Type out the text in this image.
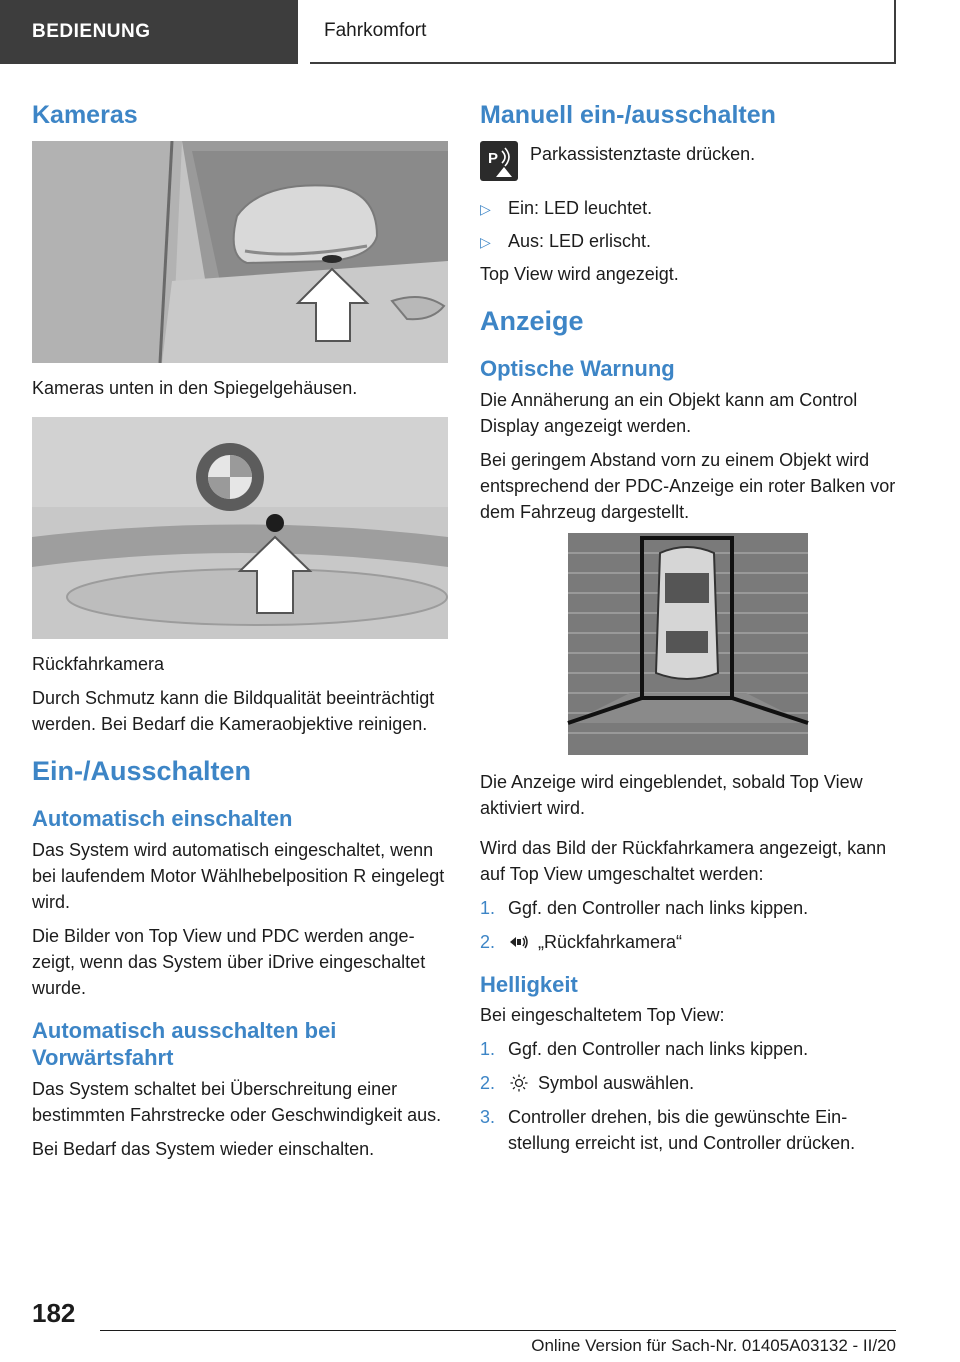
BEDIENUNG	Fahrkomfort
Kameras
Kameras unten in den Spiegelgehäusen.
Rückfahrkamera

Durch Schmutz kann die Bildqualität beeinträchtigt werden. Bei Bedarf die Kameraobjektive reinigen.

Ein-/Ausschalten
Automatisch einschalten

Das System wird automatisch eingeschaltet, wenn bei laufendem Motor Wählhebelposition R eingelegt wird.

Die Bilder von Top View und PDC werden angezeigt, wenn das System über iDrive eingeschaltet wurde.

Automatisch ausschalten bei Vorwärtsfahrt

Das System schaltet bei Überschreitung einer bestimmten Fahrstrecke oder Geschwindigkeit aus.

Bei Bedarf das System wieder einschalten.

Manuell ein-/ausschalten
P Parkassistenztaste drücken.

▷ Ein: LED leuchtet.
▷ Aus: LED erlischt.

Top View wird angezeigt.

Anzeige
Optische Warnung

Die Annäherung an ein Objekt kann am Control Display angezeigt werden.

Bei geringem Abstand vorn zu einem Objekt wird entsprechend der PDC-Anzeige ein roter Balken vor dem Fahrzeug dargestellt.

Die Anzeige wird eingeblendet, sobald Top View aktiviert wird.

Wird das Bild der Rückfahrkamera angezeigt, kann auf Top View umgeschaltet werden:

1. Ggf. den Controller nach links kippen.
2.	„Rückfahrkamera“
Helligkeit

Bei eingeschaltetem Top View:

1. Ggf. den Controller nach links kippen.
2.	Symbol auswählen.
3. Controller drehen, bis die gewünschte Einstellung erreicht ist, und Controller drücken.
182
Online Version für Sach-Nr. 01405A03132 - II/20
